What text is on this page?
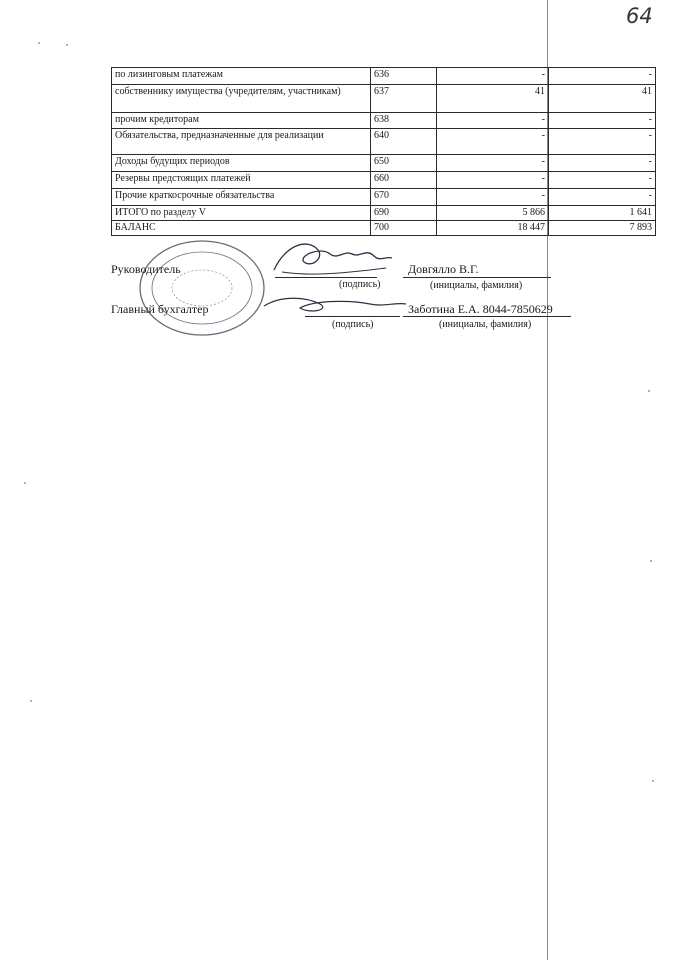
64
по лизинговым платежам	636	-	-
собственнику имущества (учредителям, участникам)	637	41	41
прочим кредиторам	638	-	-
Обязательства, предназначенные для реализации	640	-	-
Доходы будущих периодов	650	-	-
Резервы предстоящих платежей	660	-	-
Прочие краткосрочные обязательства	670	-	-
ИТОГО по разделу V	690	5 866	1 641
БАЛАНС	700	18 447	7 893
Руководитель
(подпись)
Довгялло В.Г.
(инициалы, фамилия)
Главный бухгалтер
(подпись)
Заботина Е.А. 8044-7850629
(инициалы, фамилия)
